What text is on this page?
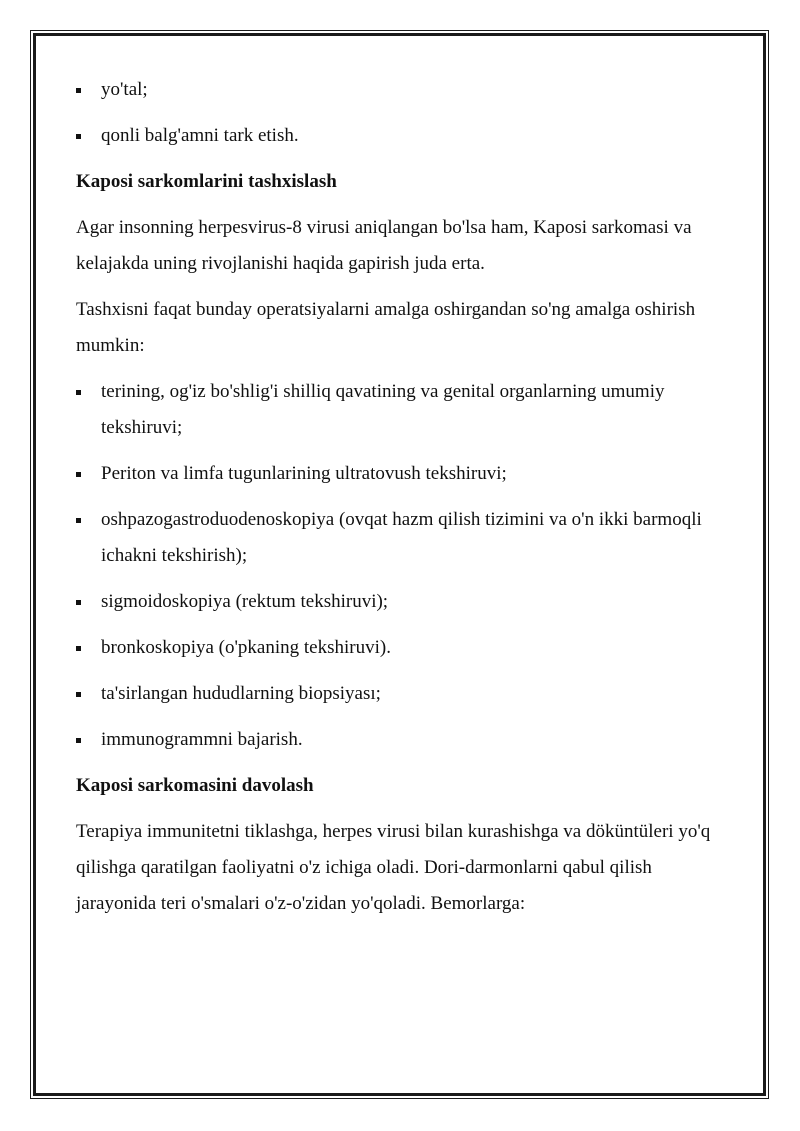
yo'tal;
qonli balg'amni tark etish.
Kaposi sarkomlarini tashxislash

Agar insonning herpesvirus-8 virusi aniqlangan bo'lsa ham, Kaposi sarkomasi va kelajakda uning rivojlanishi haqida gapirish juda erta.

Tashxisni faqat bunday operatsiyalarni amalga oshirgandan so'ng amalga oshirish mumkin:

terining, og'iz bo'shlig'i shilliq qavatining va genital organlarning umumiy tekshiruvi;
Periton va limfa tugunlarining ultratovush tekshiruvi;
oshpazogastroduodenoskopiya (ovqat hazm qilish tizimini va o'n ikki barmoqli ichakni tekshirish);
sigmoidoskopiya (rektum tekshiruvi);
bronkoskopiya (o'pkaning tekshiruvi).
ta'sirlangan hududlarning biopsiyası;
immunogrammni bajarish.
Kaposi sarkomasini davolash

Terapiya immunitetni tiklashga, herpes virusi bilan kurashishga va döküntüleri yo'q qilishga qaratilgan faoliyatni o'z ichiga oladi. Dori-darmonlarni qabul qilish jarayonida teri o'smalari o'z-o'zidan yo'qoladi. Bemorlarga:
